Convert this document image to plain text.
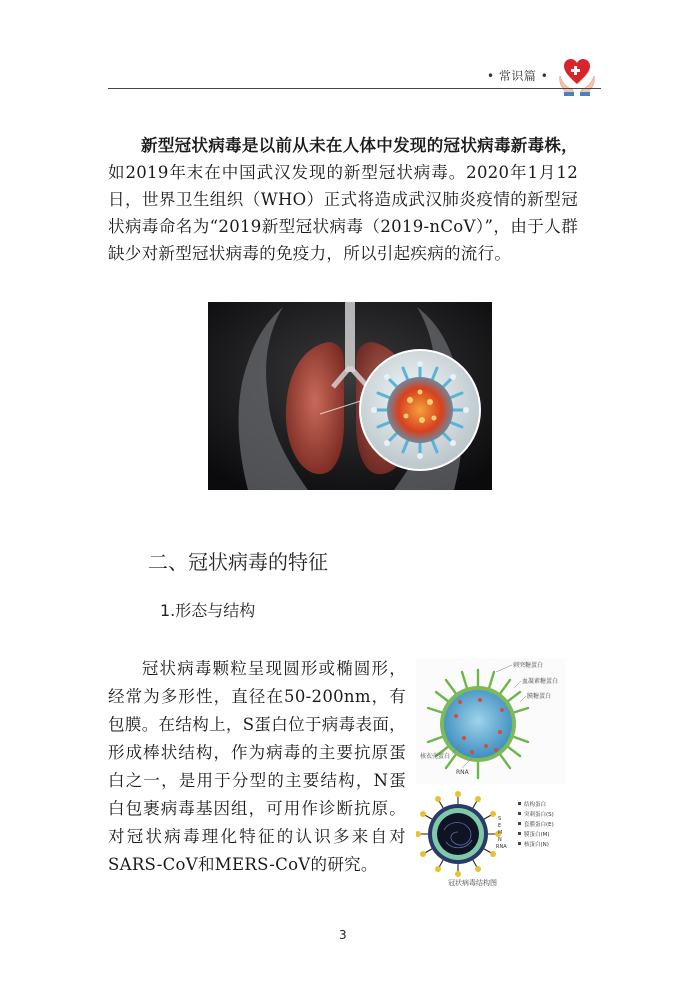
• 常识篇 •

新型冠状病毒是以前从未在人体中发现的冠状病毒新毒株，如2019年末在中国武汉发现的新型冠状病毒。2020年1月12日，世界卫生组织（WHO）正式将造成武汉肺炎疫情的新型冠状病毒命名为“2019新型冠状病毒（2019-nCoV）”，由于人群缺少对新型冠状病毒的免疫力，所以引起疾病的流行。

二、冠状病毒的特征
1.形态与结构

冠状病毒颗粒呈现圆形或椭圆形，经常为多形性，直径在50-200nm，有包膜。在结构上，S蛋白位于病毒表面，形成棒状结构，作为病毒的主要抗原蛋白之一，是用于分型的主要结构，N蛋白包裹病毒基因组，可用作诊断抗原。对冠状病毒理化特征的认识多来自对SARS-CoV和MERS-CoV的研究。

刺突糖蛋白
血凝素糖蛋白
膜糖蛋白
核衣壳蛋白
RNA
S
E
M
N
RNA
结构蛋白
突刺蛋白(S)
套膜蛋白(E)
膜蛋白(M)
核蛋白(N)
冠状病毒结构图
3
